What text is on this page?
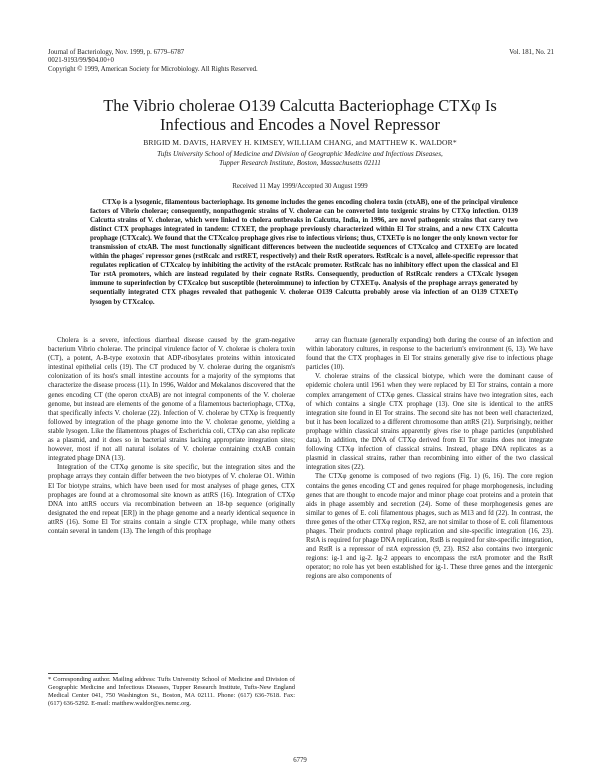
Journal of Bacteriology, Nov. 1999, p. 6779–6787
0021-9193/99/$04.00+0
Copyright © 1999, American Society for Microbiology. All Rights Reserved.
Vol. 181, No. 21
The Vibrio cholerae O139 Calcutta Bacteriophage CTXφ Is
Infectious and Encodes a Novel Repressor
BRIGID M. DAVIS, HARVEY H. KIMSEY, WILLIAM CHANG, and MATTHEW K. WALDOR*
Tufts University School of Medicine and Division of Geographic Medicine and Infectious Diseases,
Tupper Research Institute, Boston, Massachusetts 02111
Received 11 May 1999/Accepted 30 August 1999

CTXφ is a lysogenic, filamentous bacteriophage. Its genome includes the genes encoding cholera toxin (ctxAB), one of the principal virulence factors of Vibrio cholerae; consequently, nonpathogenic strains of V. cholerae can be converted into toxigenic strains by CTXφ infection. O139 Calcutta strains of V. cholerae, which were linked to cholera outbreaks in Calcutta, India, in 1996, are novel pathogenic strains that carry two distinct CTX prophages integrated in tandem: CTXET, the prophage previously characterized within El Tor strains, and a new CTX Calcutta prophage (CTXcalc). We found that the CTXcalcφ prophage gives rise to infectious virions; thus, CTXETφ is no longer the only known vector for transmission of ctxAB. The most functionally significant differences between the nucleotide sequences of CTXcalcφ and CTXETφ are located within the phages' repressor genes (rstRcalc and rstRET, respectively) and their RstR operators. RstRcalc is a novel, allele-specific repressor that regulates replication of CTXcalcφ by inhibiting the activity of the rstAcalc promoter. RstRcalc has no inhibitory effect upon the classical and El Tor rstA promoters, which are instead regulated by their cognate RstRs. Consequently, production of RstRcalc renders a CTXcalc lysogen immune to superinfection by CTXcalcφ but susceptible (heteroimmune) to infection by CTXETφ. Analysis of the prophage arrays generated by sequentially integrated CTX phages revealed that pathogenic V. cholerae O139 Calcutta probably arose via infection of an O139 CTXETφ lysogen by CTXcalcφ.

Cholera is a severe, infectious diarrheal disease caused by the gram-negative bacterium Vibrio cholerae. The principal virulence factor of V. cholerae is cholera toxin (CT), a potent, A-B-type exotoxin that ADP-ribosylates proteins within intoxicated intestinal epithelial cells (19). The CT produced by V. cholerae during the organism's colonization of its host's small intestine accounts for a majority of the symptoms that characterize the disease process (11). In 1996, Waldor and Mekalanos discovered that the genes encoding CT (the operon ctxAB) are not integral components of the V. cholerae genome, but instead are elements of the genome of a filamentous bacteriophage, CTXφ, that specifically infects V. cholerae (22). Infection of V. cholerae by CTXφ is frequently followed by integration of the phage genome into the V. cholerae genome, yielding a stable lysogen. Like the filamentous phages of Escherichia coli, CTXφ can also replicate as a plasmid, and it does so in bacterial strains lacking appropriate integration sites; however, most if not all natural isolates of V. cholerae containing ctxAB contain integrated phage DNA (13).

Integration of the CTXφ genome is site specific, but the integration sites and the prophage arrays they contain differ between the two biotypes of V. cholerae O1. Within El Tor biotype strains, which have been used for most analyses of phage genes, CTX prophages are found at a chromosomal site known as attRS (16). Integration of CTXφ DNA into attRS occurs via recombination between an 18-bp sequence (originally designated the end repeat [ER]) in the phage genome and a nearly identical sequence in attRS (16). Some El Tor strains contain a single CTX prophage, while many others contain several in tandem (13). The length of this prophage

array can fluctuate (generally expanding) both during the course of an infection and within laboratory cultures, in response to the bacterium's environment (6, 13). We have found that the CTX prophages in El Tor strains generally give rise to infectious phage particles (10).

V. cholerae strains of the classical biotype, which were the dominant cause of epidemic cholera until 1961 when they were replaced by El Tor strains, contain a more complex arrangement of CTXφ genes. Classical strains have two integration sites, each of which contains a single CTX prophage (13). One site is identical to the attRS integration site found in El Tor strains. The second site has not been well characterized, but it has been localized to a different chromosome than attRS (21). Surprisingly, neither prophage within classical strains apparently gives rise to phage particles (unpublished data). In addition, the DNA of CTXφ derived from El Tor strains does not integrate following CTXφ infection of classical strains. Instead, phage DNA replicates as a plasmid in classical strains, rather than recombining into either of the two classical integration sites (22).

The CTXφ genome is composed of two regions (Fig. 1) (6, 16). The core region contains the genes encoding CT and genes required for phage morphogenesis, including genes that are thought to encode major and minor phage coat proteins and a protein that aids in phage assembly and secretion (24). Some of these morphogenesis genes are similar to genes of E. coli filamentous phages, such as M13 and fd (22). In contrast, the three genes of the other CTXφ region, RS2, are not similar to those of E. coli filamentous phages. Their products control phage replication and site-specific integration (16, 23). RstA is required for phage DNA replication, RstB is required for site-specific integration, and RstR is a repressor of rstA expression (9, 23). RS2 also contains two intergenic regions: ig-1 and ig-2. Ig-2 appears to encompass the rstA promoter and the RstR operator; no role has yet been established for ig-1. These three genes and the intergenic regions are also components of

* Corresponding author. Mailing address: Tufts University School of Medicine and Division of Geographic Medicine and Infectious Diseases, Tupper Research Institute, Tufts-New England Medical Center 041, 750 Washington St., Boston, MA 02111. Phone: (617) 636-7618. Fax: (617) 636-5292. E-mail: matthew.waldor@es.nemc.org.
6779
